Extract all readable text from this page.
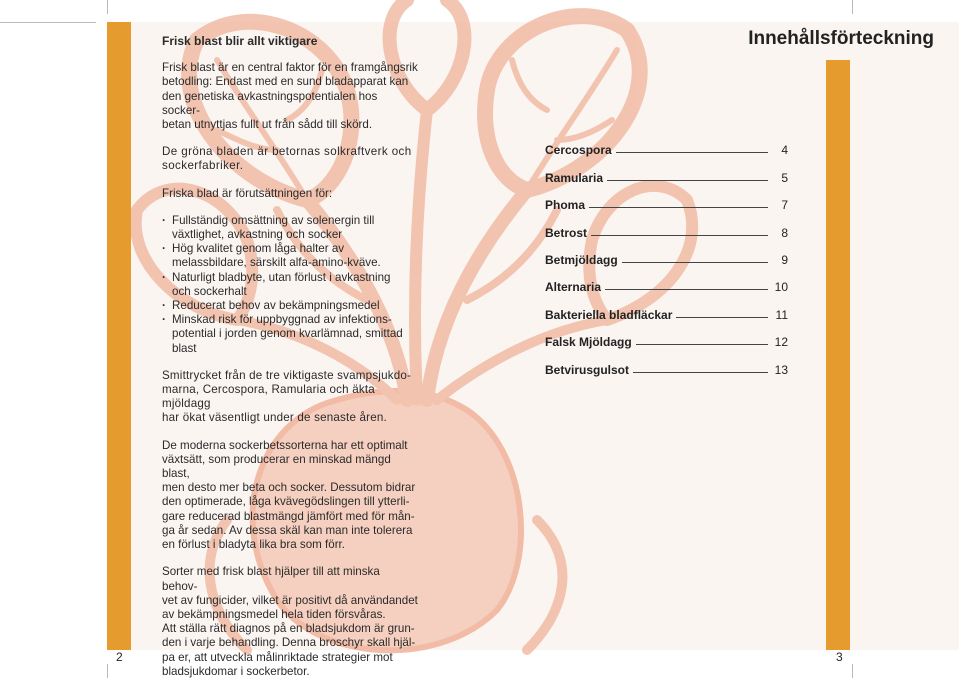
Frisk blast blir allt viktigare

Frisk blast är en central faktor för en framgångsrik

betodling: Endast med en sund bladapparat kan

den genetiska avkastningspotentialen hos socker-

betan utnyttjas fullt ut från sådd till skörd.

De gröna bladen är betornas solkraftverk och

sockerfabriker.

Friska blad är förutsättningen för:

· Fullständig omsättning av solenergin till
växtlighet, avkastning och socker
· Hög kvalitet genom låga halter av
melassbildare, särskilt alfa-amino-kväve.
· Naturligt bladbyte, utan förlust i avkastning
och sockerhalt
· Reducerat behov av bekämpningsmedel
· Minskad risk för uppbyggnad av infektions-
potential i jorden genom kvarlämnad, smittad
blast

Smittrycket från de tre viktigaste svampsjukdo-

marna, Cercospora, Ramularia och äkta mjöldagg

har ökat väsentligt under de senaste åren.

De moderna sockerbetssorterna har ett optimalt

växtsätt, som producerar en minskad mängd blast,

men desto mer beta och socker. Dessutom bidrar

den optimerade, låga kvävegödslingen till ytterli-

gare reducerad blastmängd jämfört med för mån-

ga år sedan. Av dessa skäl kan man inte tolerera

en förlust i bladyta lika bra som förr.

Sorter med frisk blast hjälper till att minska behov-

vet av fungicider, vilket är positivt då användandet

av bekämpningsmedel hela tiden försvåras.

Att ställa rätt diagnos på en bladsjukdom är grun-

den i varje behandling. Denna broschyr skall hjäl-

pa er, att utveckla målinriktade strategier mot

bladsjukdomar i sockerbetor.

Innehållsförteckning
Cercospora	4
Ramularia	5
Phoma	7
Betrost	8
Betmjöldagg	9
Alternaria	10
Bakteriella bladfläckar	11
Falsk Mjöldagg	12
Betvirusgulsot	13
2	3
